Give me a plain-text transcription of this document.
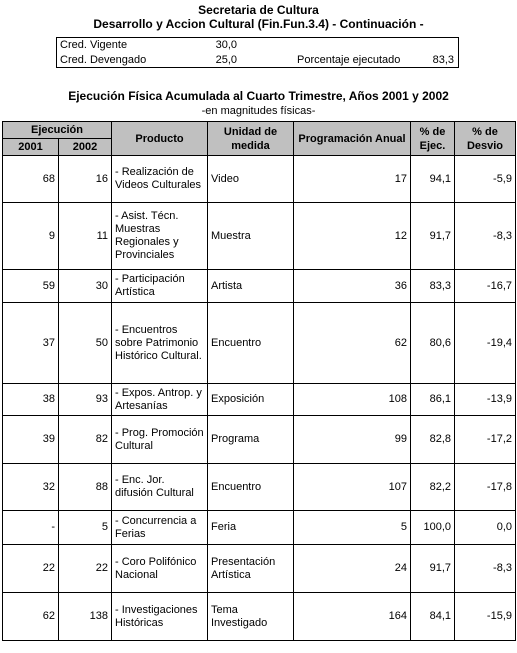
Secretaria de Cultura
Desarrollo y Accion Cultural (Fin.Fun.3.4) - Continuación -
Cred. Vigente	30,0
Cred. Devengado	25,0	Porcentaje ejecutado	83,3
Ejecución Física Acumulada al Cuarto Trimestre, Años 2001 y 2002
-en magnitudes físicas-
Ejecución		Producto	Unidad de medida	Programación Anual	% de Ejec.	% de Desvio
2001	2002					
68	16	- Realización de Videos Culturales	Video	17	94,1	-5,9
9	11	- Asist. Técn. Muestras Regionales y Provinciales	Muestra	12	91,7	-8,3
59	30	- Participación Artística	Artista	36	83,3	-16,7
37	50	- Encuentros sobre Patrimonio Histórico Cultural.	Encuentro	62	80,6	-19,4
38	93	- Expos. Antrop. y Artesanías	Exposición	108	86,1	-13,9
39	82	- Prog. Promoción Cultural	Programa	99	82,8	-17,2
32	88	- Enc. Jor. difusión Cultural	Encuentro	107	82,2	-17,8
-	5	- Concurrencia a Ferias	Feria	5	100,0	0,0
22	22	- Coro Polifónico Nacional	Presentación Artística	24	91,7	-8,3
62	138	- Investigaciones Históricas	Tema Investigado	164	84,1	-15,9
